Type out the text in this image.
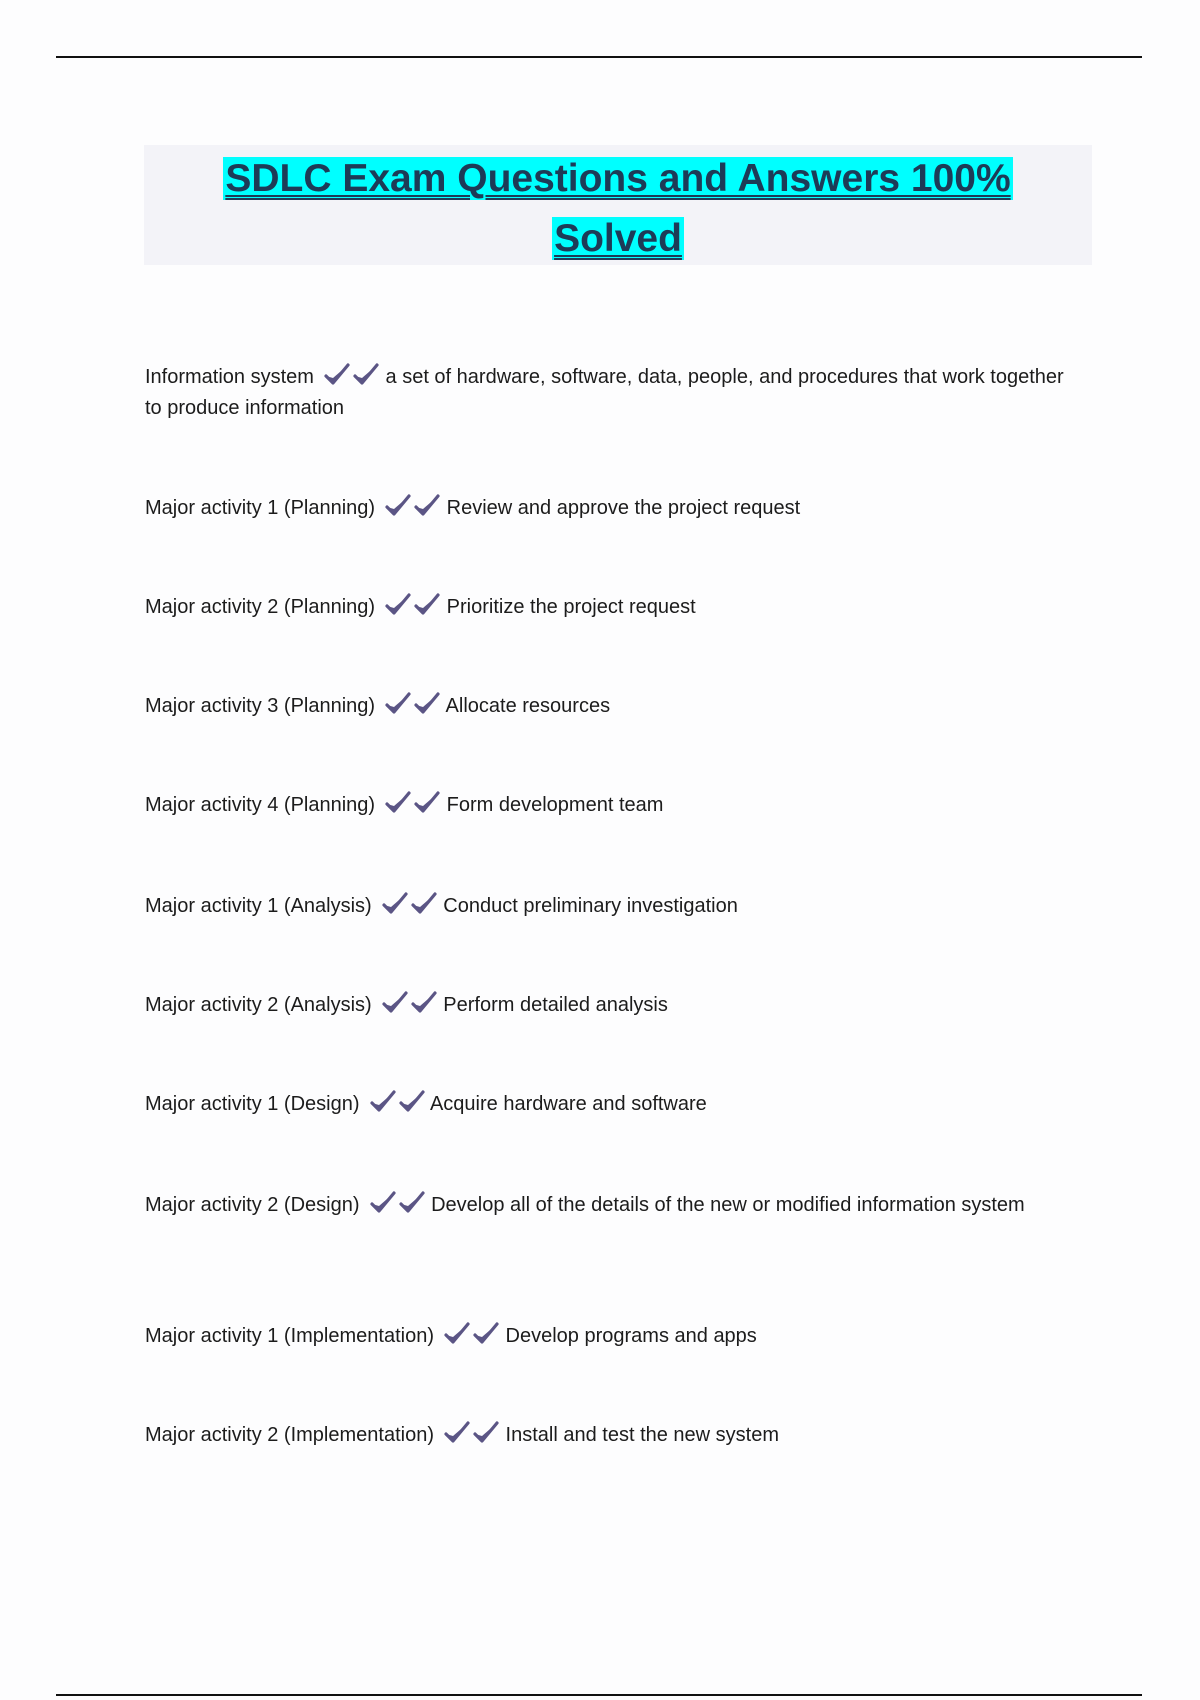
SDLC Exam Questions and Answers 100%
Solved
Information system	a set of hardware, software, data, people, and procedures that work together to produce information
Major activity 1 (Planning)	Review and approve the project request
Major activity 2 (Planning)	Prioritize the project request
Major activity 3 (Planning)	Allocate resources
Major activity 4 (Planning)	Form development team
Major activity 1 (Analysis)	Conduct preliminary investigation
Major activity 2 (Analysis)	Perform detailed analysis
Major activity 1 (Design)	Acquire hardware and software
Major activity 2 (Design)	Develop all of the details of the new or modified information system
Major activity 1 (Implementation)	Develop programs and apps
Major activity 2 (Implementation)	Install and test the new system
